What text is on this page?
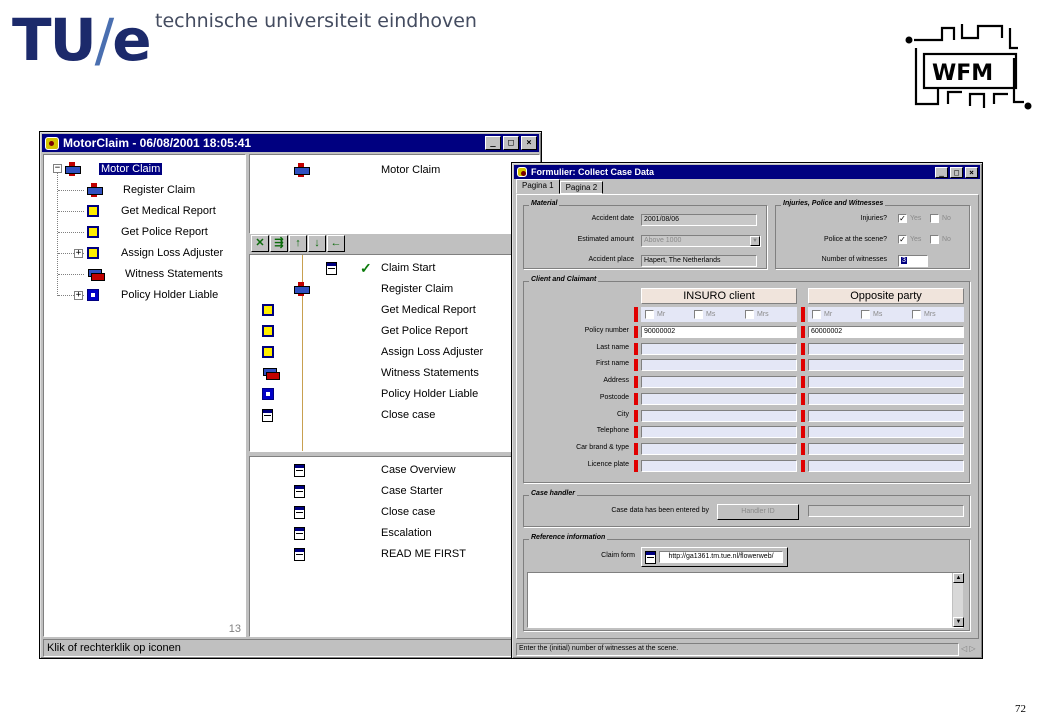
TU/e technische universiteit eindhoven
WFM
72
MotorClaim - 06/08/2001 18:05:41	_	□	×
−	Motor Claim
Register Claim
Get Medical Report
Get Police Report
+	Assign Loss Adjuster
Witness Statements
+	Policy Holder Liable
13
Motor Claim
✕ ⇶	↑	↓ ←
✓ Claim Start
Register Claim
Get Medical Report
Get Police Report
Assign Loss Adjuster
Witness Statements
Policy Holder Liable
Close case
Case Overview
Case Starter
Close case
Escalation
READ ME FIRST
Klik of rechterklik op iconen
Formulier: Collect Case Data	_	□	×
Pagina 1	Pagina 2
Material
Accident date	2001/08/06
Estimated amount	Above 1000	▼
Accident place	Hapert, The Netherlands
Injuries, Police and Witnesses
Injuries? ✓ Yes	No
Police at the scene? ✓ Yes	No
Number of witnesses	3
Client and Claimant
INSURO client	Opposite party
Mr	Ms	Mrs	Mr	Ms	Mrs
Policy number	90000002	60000002
Last name
First name
Address
Postcode
City
Telephone
Car brand & type
Licence plate
Case handler
Case data has been entered by	Handler ID
Reference information
Claim form	http://ga1361.tm.tue.nl/flowerweb/
▲
▼
Enter the (initial) number of witnesses at the scene.	◁ ▷
